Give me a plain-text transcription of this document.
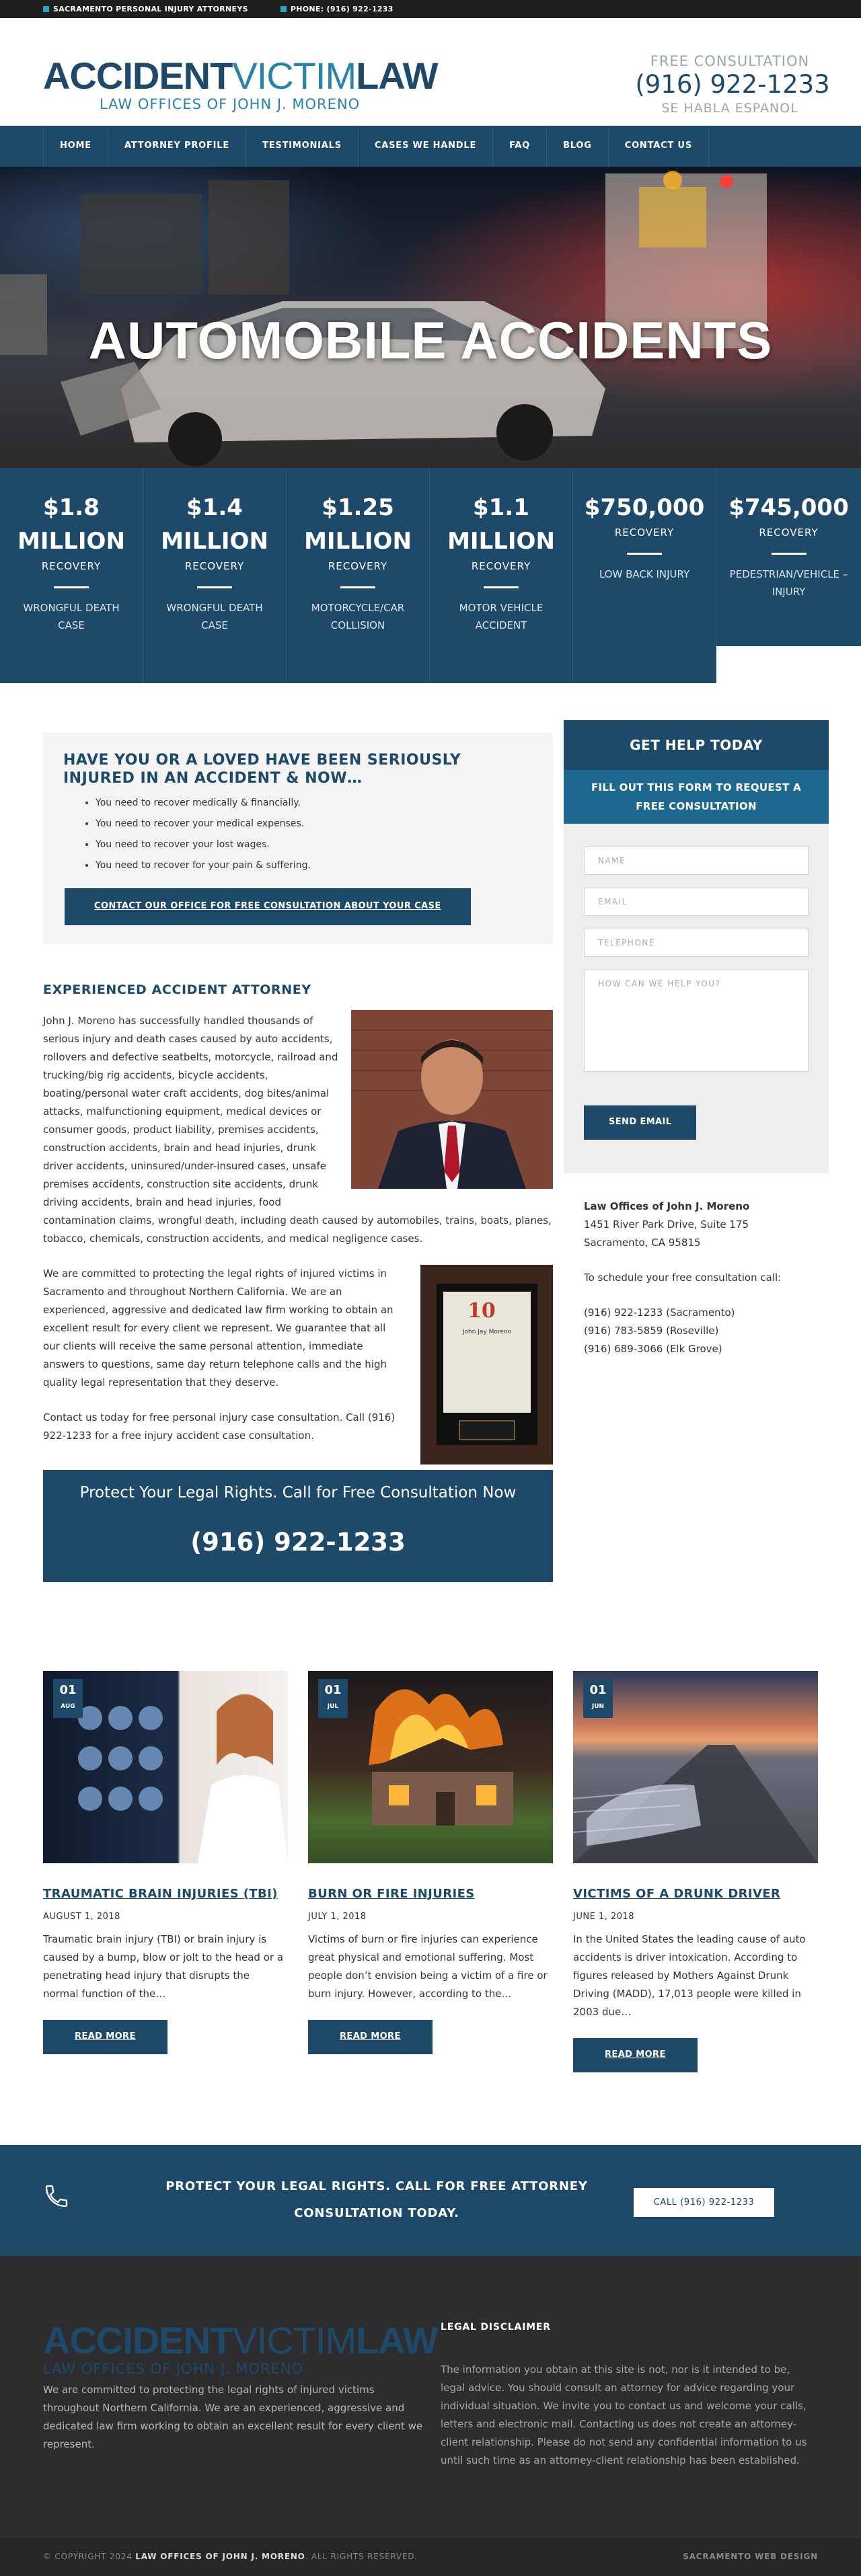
SACRAMENTO PERSONAL INJURY ATTORNEYS	PHONE: (916) 922-1233
ACCIDENTVICTIMLAW
LAW OFFICES OF JOHN J. MORENO
FREE CONSULTATION
(916) 922-1233
SE HABLA ESPANOL
HOME	ATTORNEY PROFILE	TESTIMONIALS	CASES WE HANDLE	FAQ	BLOG	CONTACT US
AUTOMOBILE ACCIDENTS
$1.8
MILLION
RECOVERY
WRONGFUL DEATH CASE
$1.4
MILLION
RECOVERY
WRONGFUL DEATH CASE
$1.25
MILLION
RECOVERY
MOTORCYCLE/CAR COLLISION
$1.1
MILLION
RECOVERY
MOTOR VEHICLE ACCIDENT
$750,000
RECOVERY
LOW BACK INJURY
$745,000
RECOVERY
PEDESTRIAN/VEHICLE – INJURY
HAVE YOU OR A LOVED HAVE BEEN SERIOUSLY INJURED IN AN ACCIDENT & NOW…
• You need to recover medically & financially.
• You need to recover your medical expenses.
• You need to recover your lost wages.
• You need to recover for your pain & suffering.
CONTACT OUR OFFICE FOR FREE CONSULTATION ABOUT YOUR CASE
EXPERIENCED ACCIDENT ATTORNEY

John J. Moreno has successfully handled thousands of serious injury and death cases caused by auto accidents, rollovers and defective seatbelts, motorcycle, railroad and trucking/big rig accidents, bicycle accidents, boating/personal water craft accidents, dog bites/animal attacks, malfunctioning equipment, medical devices or consumer goods, product liability, premises accidents, construction accidents, brain and head injuries, drunk driver accidents, uninsured/under-insured cases, unsafe premises accidents, construction site accidents, drunk driving accidents, brain and head injuries, food contamination claims, wrongful death, including death caused by automobiles, trains, boats, planes, tobacco, chemicals, construction accidents, and medical negligence cases.

10
John Jay Moreno

We are committed to protecting the legal rights of injured victims in Sacramento and throughout Northern California. We are an experienced, aggressive and dedicated law firm working to obtain an excellent result for every client we represent. We guarantee that all our clients will receive the same personal attention, immediate answers to questions, same day return telephone calls and the high quality legal representation that they deserve.

Contact us today for free personal injury case consultation. Call (916) 922-1233 for a free injury accident case consultation.

Protect Your Legal Rights. Call for Free Consultation Now
(916) 922-1233
GET HELP TODAY
FILL OUT THIS FORM TO REQUEST A FREE CONSULTATION
NAME
EMAIL
TELEPHONE
HOW CAN WE HELP YOU?
SEND EMAIL
Law Offices of John J. Moreno
1451 River Park Drive, Suite 175
Sacramento, CA 95815
To schedule your free consultation call:
(916) 922-1233 (Sacramento)
(916) 783-5859 (Roseville)
(916) 689-3066 (Elk Grove)
01
AUG
TRAUMATIC BRAIN INJURIES (TBI)
AUGUST 1, 2018
Traumatic brain injury (TBI) or brain injury is caused by a bump, blow or jolt to the head or a penetrating head injury that disrupts the normal function of the…
READ MORE
01
JUL
BURN OR FIRE INJURIES
JULY 1, 2018
Victims of burn or fire injuries can experience great physical and emotional suffering. Most people don’t envision being a victim of a fire or burn injury. However, according to the…
READ MORE
01
JUN
VICTIMS OF A DRUNK DRIVER
JUNE 1, 2018
In the United States the leading cause of auto accidents is driver intoxication. According to figures released by Mothers Against Drunk Driving (MADD), 17,013 people were killed in 2003 due…
READ MORE
PROTECT YOUR LEGAL RIGHTS. CALL FOR FREE ATTORNEY CONSULTATION TODAY.
CALL (916) 922-1233
ACCIDENTVICTIMLAW
LAW OFFICES OF JOHN J. MORENO
We are committed to protecting the legal rights of injured victims throughout Northern California. We are an experienced, aggressive and dedicated law firm working to obtain an excellent result for every client we represent.
LEGAL DISCLAIMER

The information you obtain at this site is not, nor is it intended to be, legal advice. You should consult an attorney for advice regarding your individual situation. We invite you to contact us and welcome your calls, letters and electronic mail. Contacting us does not create an attorney-client relationship. Please do not send any confidential information to us until such time as an attorney-client relationship has been established.

© COPYRIGHT 2024 LAW OFFICES OF JOHN J. MORENO. ALL RIGHTS RESERVED.	SACRAMENTO WEB DESIGN
